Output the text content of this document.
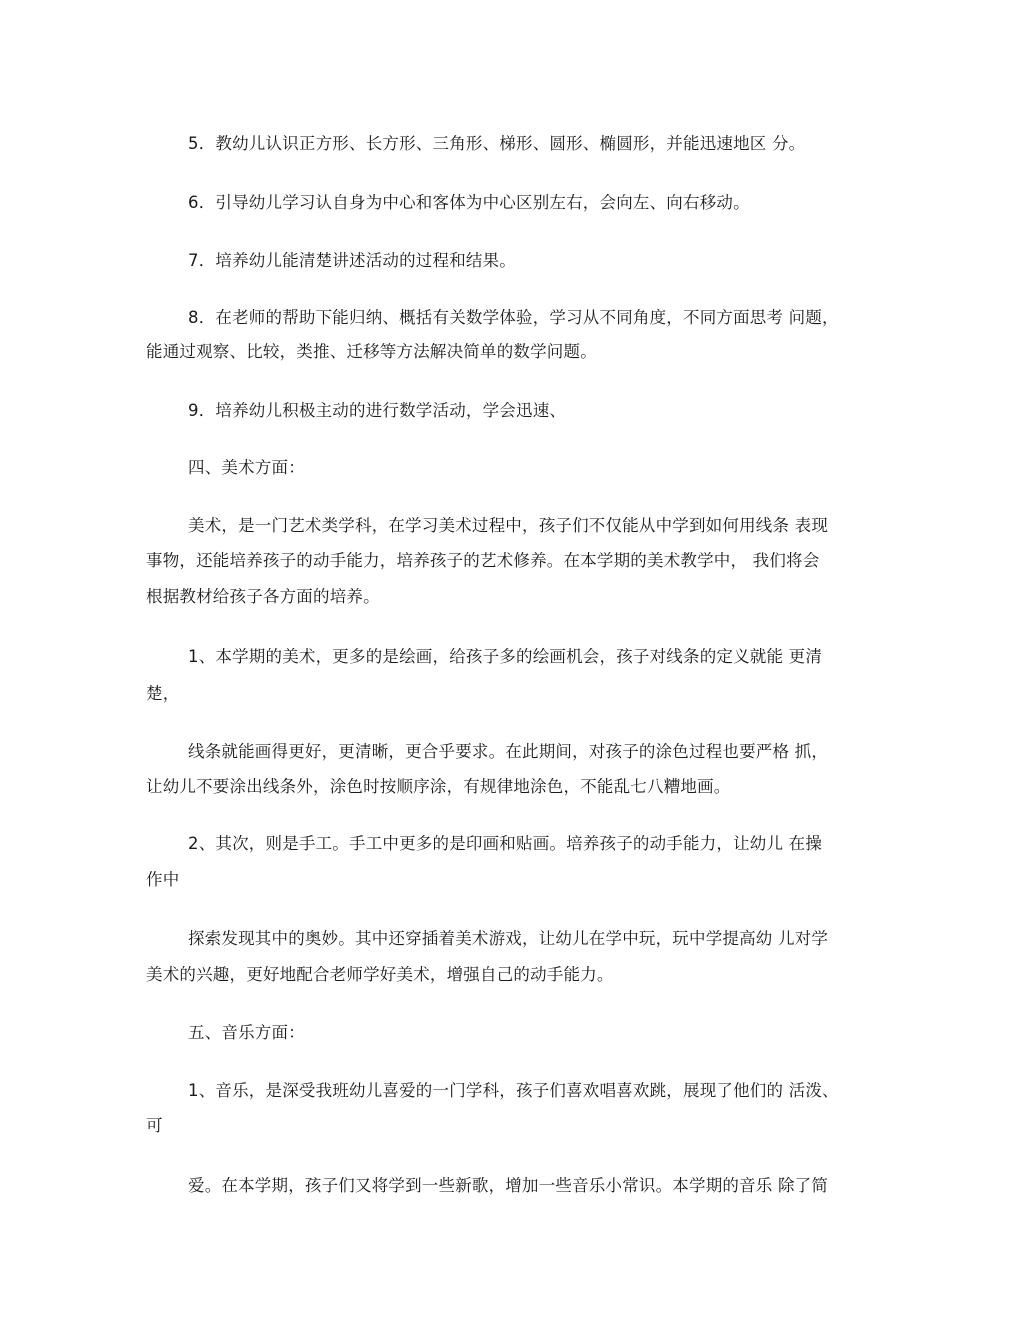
5．教幼儿认识正方形、长方形、三角形、梯形、圆形、椭圆形，并能迅速地区 分。
6．引导幼儿学习认自身为中心和客体为中心区别左右，会向左、向右移动。
7．培养幼儿能清楚讲述活动的过程和结果。
8．在老师的帮助下能归纳、概括有关数学体验，学习从不同角度，不同方面思考 问题，
能通过观察、比较，类推、迁移等方法解决简单的数学问题。
9．培养幼儿积极主动的进行数学活动，学会迅速、
四、美术方面：
美术，是一门艺术类学科，在学习美术过程中，孩子们不仅能从中学到如何用线条 表现
事物，还能培养孩子的动手能力，培养孩子的艺术修养。在本学期的美术教学中， 我们将会
根据教材给孩子各方面的培养。
1、本学期的美术，更多的是绘画，给孩子多的绘画机会，孩子对线条的定义就能 更清
楚，
线条就能画得更好，更清晰，更合乎要求。在此期间，对孩子的涂色过程也要严格 抓，
让幼儿不要涂出线条外，涂色时按顺序涂，有规律地涂色，不能乱七八糟地画。
2、其次，则是手工。手工中更多的是印画和贴画。培养孩子的动手能力，让幼儿 在操
作中
探索发现其中的奥妙。其中还穿插着美术游戏，让幼儿在学中玩，玩中学提高幼 儿对学
美术的兴趣，更好地配合老师学好美术，增强自己的动手能力。
五、音乐方面：
1、音乐，是深受我班幼儿喜爱的一门学科，孩子们喜欢唱喜欢跳，展现了他们的 活泼、
可
爱。在本学期，孩子们又将学到一些新歌，增加一些音乐小常识。本学期的音乐 除了简
